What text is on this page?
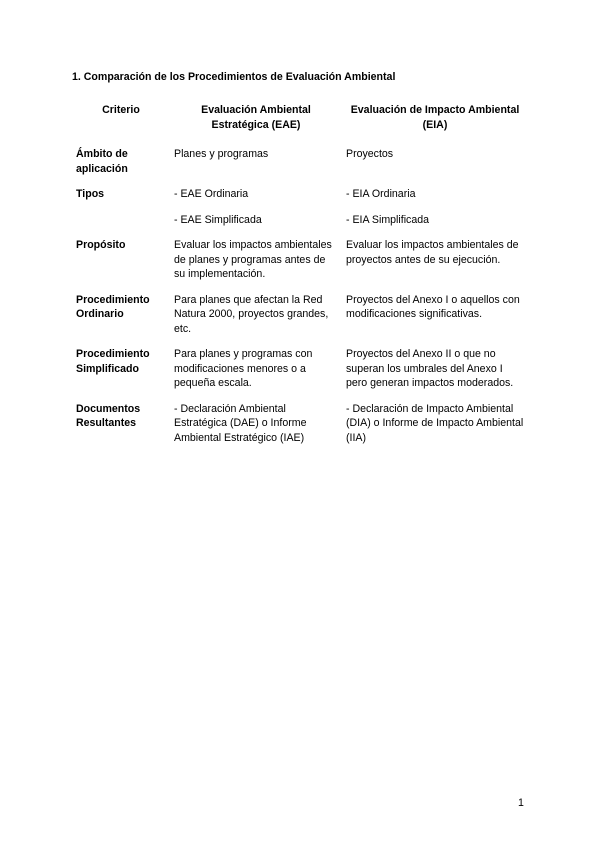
1. Comparación de los Procedimientos de Evaluación Ambiental
Criterio	Evaluación Ambiental Estratégica (EAE)	Evaluación de Impacto Ambiental (EIA)
Ámbito de aplicación	Planes y programas	Proyectos
Tipos	- EAE Ordinaria	- EIA Ordinaria
	- EAE Simplificada	- EIA Simplificada
Propósito	Evaluar los impactos ambientales de planes y programas antes de su implementación.	Evaluar los impactos ambientales de proyectos antes de su ejecución.
Procedimiento Ordinario	Para planes que afectan la Red Natura 2000, proyectos grandes, etc.	Proyectos del Anexo I o aquellos con modificaciones significativas.
Procedimiento Simplificado	Para planes y programas con modificaciones menores o a pequeña escala.	Proyectos del Anexo II o que no superan los umbrales del Anexo I pero generan impactos moderados.
Documentos Resultantes	- Declaración Ambiental Estratégica (DAE) o Informe Ambiental Estratégico (IAE)	- Declaración de Impacto Ambiental (DIA) o Informe de Impacto Ambiental (IIA)
1
